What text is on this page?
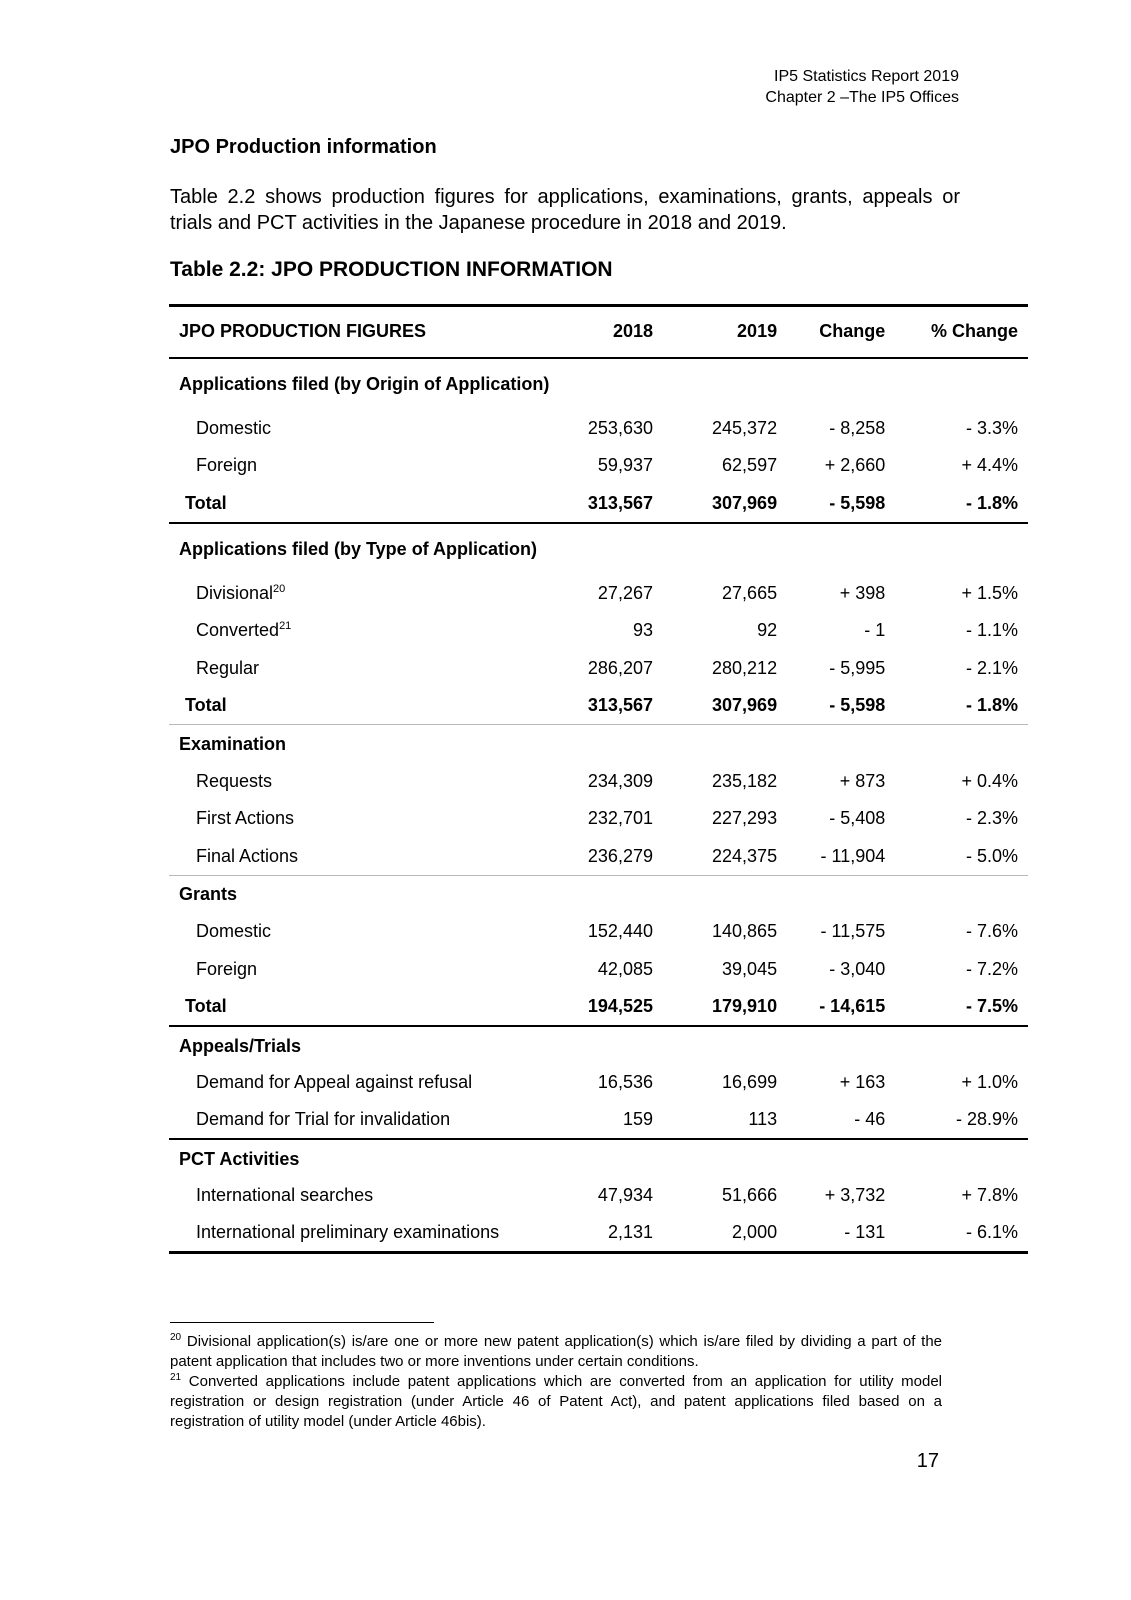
IP5 Statistics Report 2019
Chapter 2 –The IP5 Offices
JPO Production information
Table 2.2 shows production figures for applications, examinations, grants, appeals or trials and PCT activities in the Japanese procedure in 2018 and 2019.
Table 2.2: JPO PRODUCTION INFORMATION
JPO PRODUCTION FIGURES	2018	2019	Change	% Change
Applications filed (by Origin of Application)				
Domestic	253,630	245,372	- 8,258	- 3.3%
Foreign	59,937	62,597	+ 2,660	+ 4.4%
Total	313,567	307,969	- 5,598	- 1.8%
Applications filed (by Type of Application)				
Divisional$^{20}$	27,267	27,665	+ 398	+ 1.5%
Converted$^{21}$	93	92	- 1	- 1.1%
Regular	286,207	280,212	- 5,995	- 2.1%
Total	313,567	307,969	- 5,598	- 1.8%
Examination				
Requests	234,309	235,182	+ 873	+ 0.4%
First Actions	232,701	227,293	- 5,408	- 2.3%
Final Actions	236,279	224,375	- 11,904	- 5.0%
Grants				
Domestic	152,440	140,865	- 11,575	- 7.6%
Foreign	42,085	39,045	- 3,040	- 7.2%
Total	194,525	179,910	- 14,615	- 7.5%
Appeals/Trials				
Demand for Appeal against refusal	16,536	16,699	+ 163	+ 1.0%
Demand for Trial for invalidation	159	113	- 46	- 28.9%
PCT Activities				
International searches	47,934	51,666	+ 3,732	+ 7.8%
International preliminary examinations	2,131	2,000	- 131	- 6.1%

$^{20}$ Divisional application(s) is/are one or more new patent application(s) which is/are filed by dividing a part of the patent application that includes two or more inventions under certain conditions.

$^{21}$ Converted applications include patent applications which are converted from an application for utility model registration or design registration (under Article 46 of Patent Act), and patent applications filed based on a registration of utility model (under Article 46bis).

17
